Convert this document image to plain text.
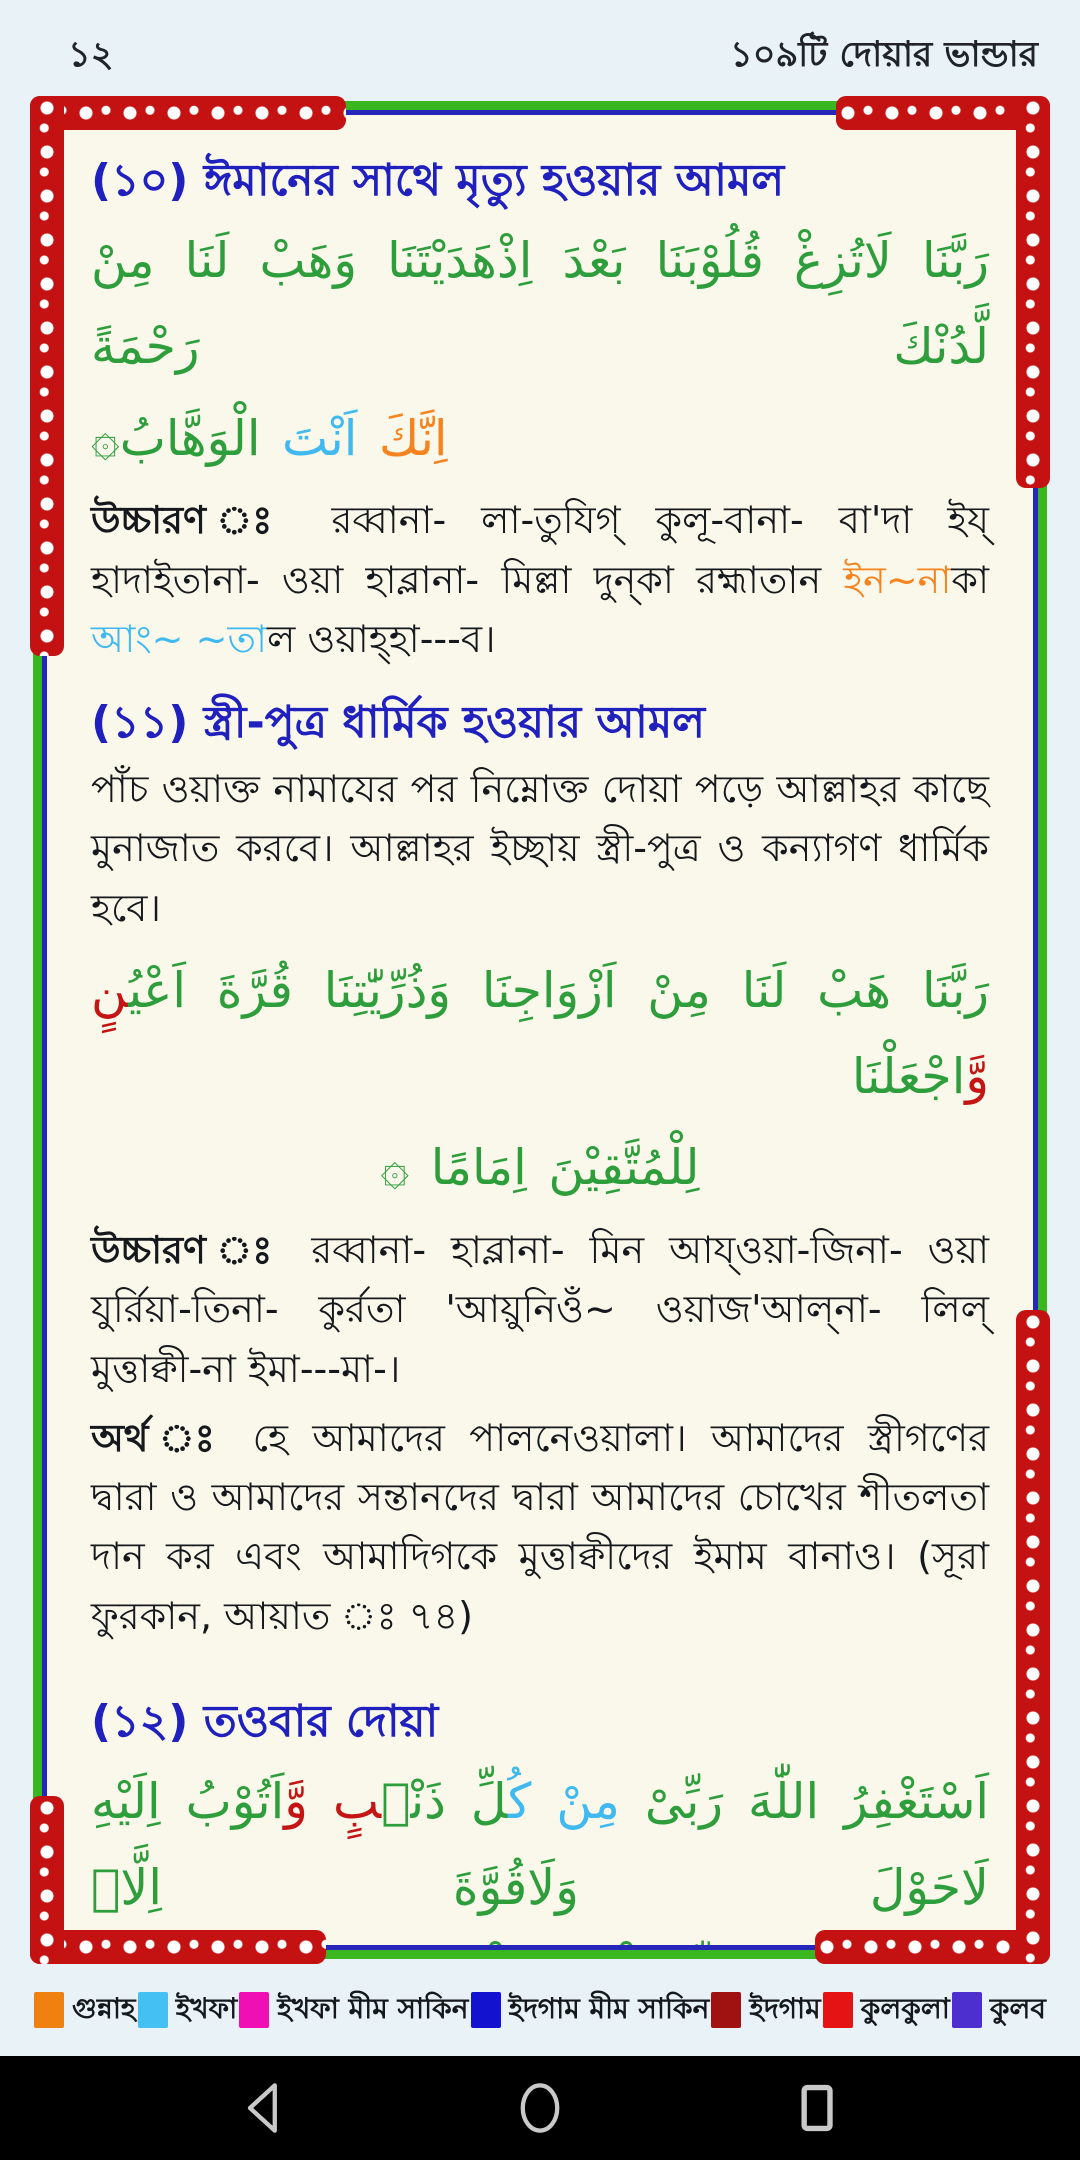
১২	১০৯টি দোয়ার ভান্ডার
(১০) ঈমানের সাথে মৃত্যু হওয়ার আমল
رَبَّنَا لَاتُزِغْ قُلُوْبَنَا بَعْدَ اِذْهَدَيْتَنَا وَهَبْ لَنَا مِنْ لَّدُنْكَ رَحْمَةً
اِنَّكَ اَنْتَ الْوَهَّابُ۞
উচ্চারণ ঃ রব্বানা- লা-তুযিগ্ কুলূ-বানা- বা'দা ইয্ হাদাইতানা- ওয়া হাব্লানা- মিল্লা দুন্কা রহ্মাতান ইন~নাকা আং~ ~তাল ওয়াহ্হা---ব।
(১১) স্ত্রী-পুত্র ধার্মিক হওয়ার আমল
পাঁচ ওয়াক্ত নামাযের পর নিম্নোক্ত দোয়া পড়ে আল্লাহর কাছে মুনাজাত করবে। আল্লাহর ইচ্ছায় স্ত্রী-পুত্র ও কন্যাগণ ধার্মিক হবে।
رَبَّنَا هَبْ لَنَا مِنْ اَزْوَاجِنَا وَذُرِّيّٰتِنَا قُرَّةَ اَعْيُ‍‍نٍ وَّاجْعَلْنَا
لِلْمُتَّقِيْنَ اِمَامًا ۞
উচ্চারণ ঃ রব্বানা- হাব্লানা- মিন আয্ওয়া-জিনা- ওয়া যুর্রিয়া-তিনা- কুর্রতা 'আয়ুনিওঁ~ ওয়াজ'আল্না- লিল্ মুত্তাক্বী-না ইমা---মা-।
অর্থ ঃ হে আমাদের পালনেওয়ালা। আমাদের স্ত্রীগণের দ্বারা ও আমাদের সন্তানদের দ্বারা আমাদের চোখের শীতলতা দান কর এবং আমাদিগকে মুত্তাক্বীদের ইমাম বানাও। (সূরা ফুরকান, আয়াত ঃ ৭৪)
(১২) তওবার দোয়া
اَسْتَغْفِرُ اللّٰهَ رَبِّىْ مِنْ كُ‍‍لِّ ذَنْۢ‍‍بٍ وَّاَتُوْبُ اِلَيْهِ لَاحَوْلَ وَلَاقُوَّةَ اِلَّاۤ
গুন্নাহ ইখফা ইখফা মীম সাকিন ইদগাম মীম সাকিন ইদগাম কুলকুলা কুলব
